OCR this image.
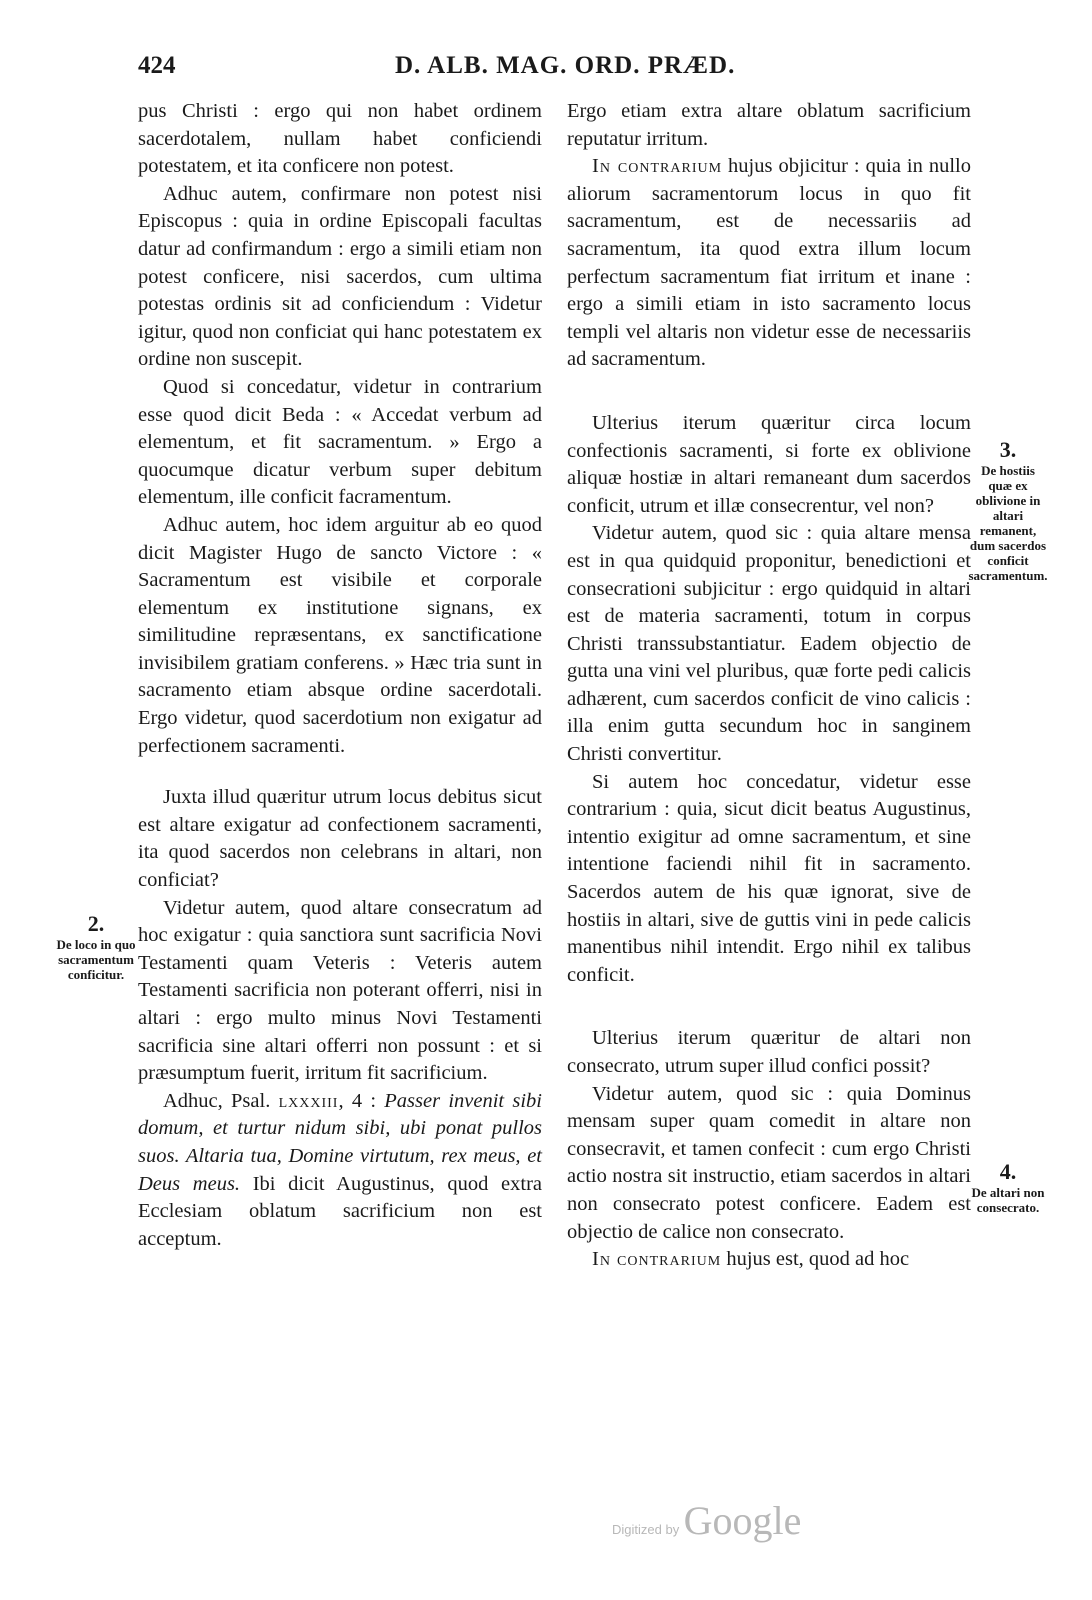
424	D. ALB. MAG. ORD. PRÆD.

pus Christi : ergo qui non habet ordinem sacerdotalem, nullam habet conficiendi potestatem, et ita conficere non potest.

Adhuc autem, confirmare non potest nisi Episcopus : quia in ordine Episcopali facultas datur ad confirmandum : ergo a simili etiam non potest conficere, nisi sacerdos, cum ultima potestas ordinis sit ad conficiendum : Videtur igitur, quod non conficiat qui hanc potestatem ex ordine non suscepit.

Quod si concedatur, videtur in contrarium esse quod dicit Beda : « Accedat verbum ad elementum, et fit sacramentum. » Ergo a quocumque dicatur verbum super debitum elementum, ille conficit facramentum.

Adhuc autem, hoc idem arguitur ab eo quod dicit Magister Hugo de sancto Victore : « Sacramentum est visibile et corporale elementum ex institutione signans, ex similitudine repræsentans, ex sanctificatione invisibilem gratiam conferens. » Hæc tria sunt in sacramento etiam absque ordine sacerdotali. Ergo videtur, quod sacerdotium non exigatur ad perfectionem sacramenti.

Juxta illud quæritur utrum locus debitus sicut est altare exigatur ad confectionem sacramenti, ita quod sacerdos non celebrans in altari, non conficiat?

Videtur autem, quod altare consecratum ad hoc exigatur : quia sanctiora sunt sacrificia Novi Testamenti quam Veteris : Veteris autem Testamenti sacrificia non poterant offerri, nisi in altari : ergo multo minus Novi Testamenti sacrificia sine altari offerri non possunt : et si præsumptum fuerit, irritum fit sacrificium.

Adhuc, Psal. lxxxiii, 4 : Passer invenit sibi domum, et turtur nidum sibi, ubi ponat pullos suos. Altaria tua, Domine virtutum, rex meus, et Deus meus. Ibi dicit Augustinus, quod extra Ecclesiam oblatum sacrificium non est acceptum.

Ergo etiam extra altare oblatum sacrificium reputatur irritum.

In contrarium hujus objicitur : quia in nullo aliorum sacramentorum locus in quo fit sacramentum, est de necessariis ad sacramentum, ita quod extra illum locum perfectum sacramentum fiat irritum et inane : ergo a simili etiam in isto sacramento locus templi vel altaris non videtur esse de necessariis ad sacramentum.

Ulterius iterum quæritur circa locum confectionis sacramenti, si forte ex oblivione aliquæ hostiæ in altari remaneant dum sacerdos conficit, utrum et illæ consecrentur, vel non?

Videtur autem, quod sic : quia altare mensa est in qua quidquid proponitur, benedictioni et consecrationi subjicitur : ergo quidquid in altari est de materia sacramenti, totum in corpus Christi transsubstantiatur. Eadem objectio de gutta una vini vel pluribus, quæ forte pedi calicis adhærent, cum sacerdos conficit de vino calicis : illa enim gutta secundum hoc in sanginem Christi convertitur.

Si autem hoc concedatur, videtur esse contrarium : quia, sicut dicit beatus Augustinus, intentio exigitur ad omne sacramentum, et sine intentione faciendi nihil fit in sacramento. Sacerdos autem de his quæ ignorat, sive de hostiis in altari, sive de guttis vini in pede calicis manentibus nihil intendit. Ergo nihil ex talibus conficit.

Ulterius iterum quæritur de altari non consecrato, utrum super illud confici possit?

Videtur autem, quod sic : quia Dominus mensam super quam comedit in altare non consecravit, et tamen confecit : cum ergo Christi actio nostra sit instructio, etiam sacerdos in altari non consecrato potest conficere. Eadem est objectio de calice non consecrato.

In contrarium hujus est, quod ad hoc

2.
De loco in quo sacramentum conficitur.
3.
De hostiis quæ ex oblivione in altari remanent, dum sacerdos conficit sacramentum.
4.
De altari non consecrato.
Digitized by Google
